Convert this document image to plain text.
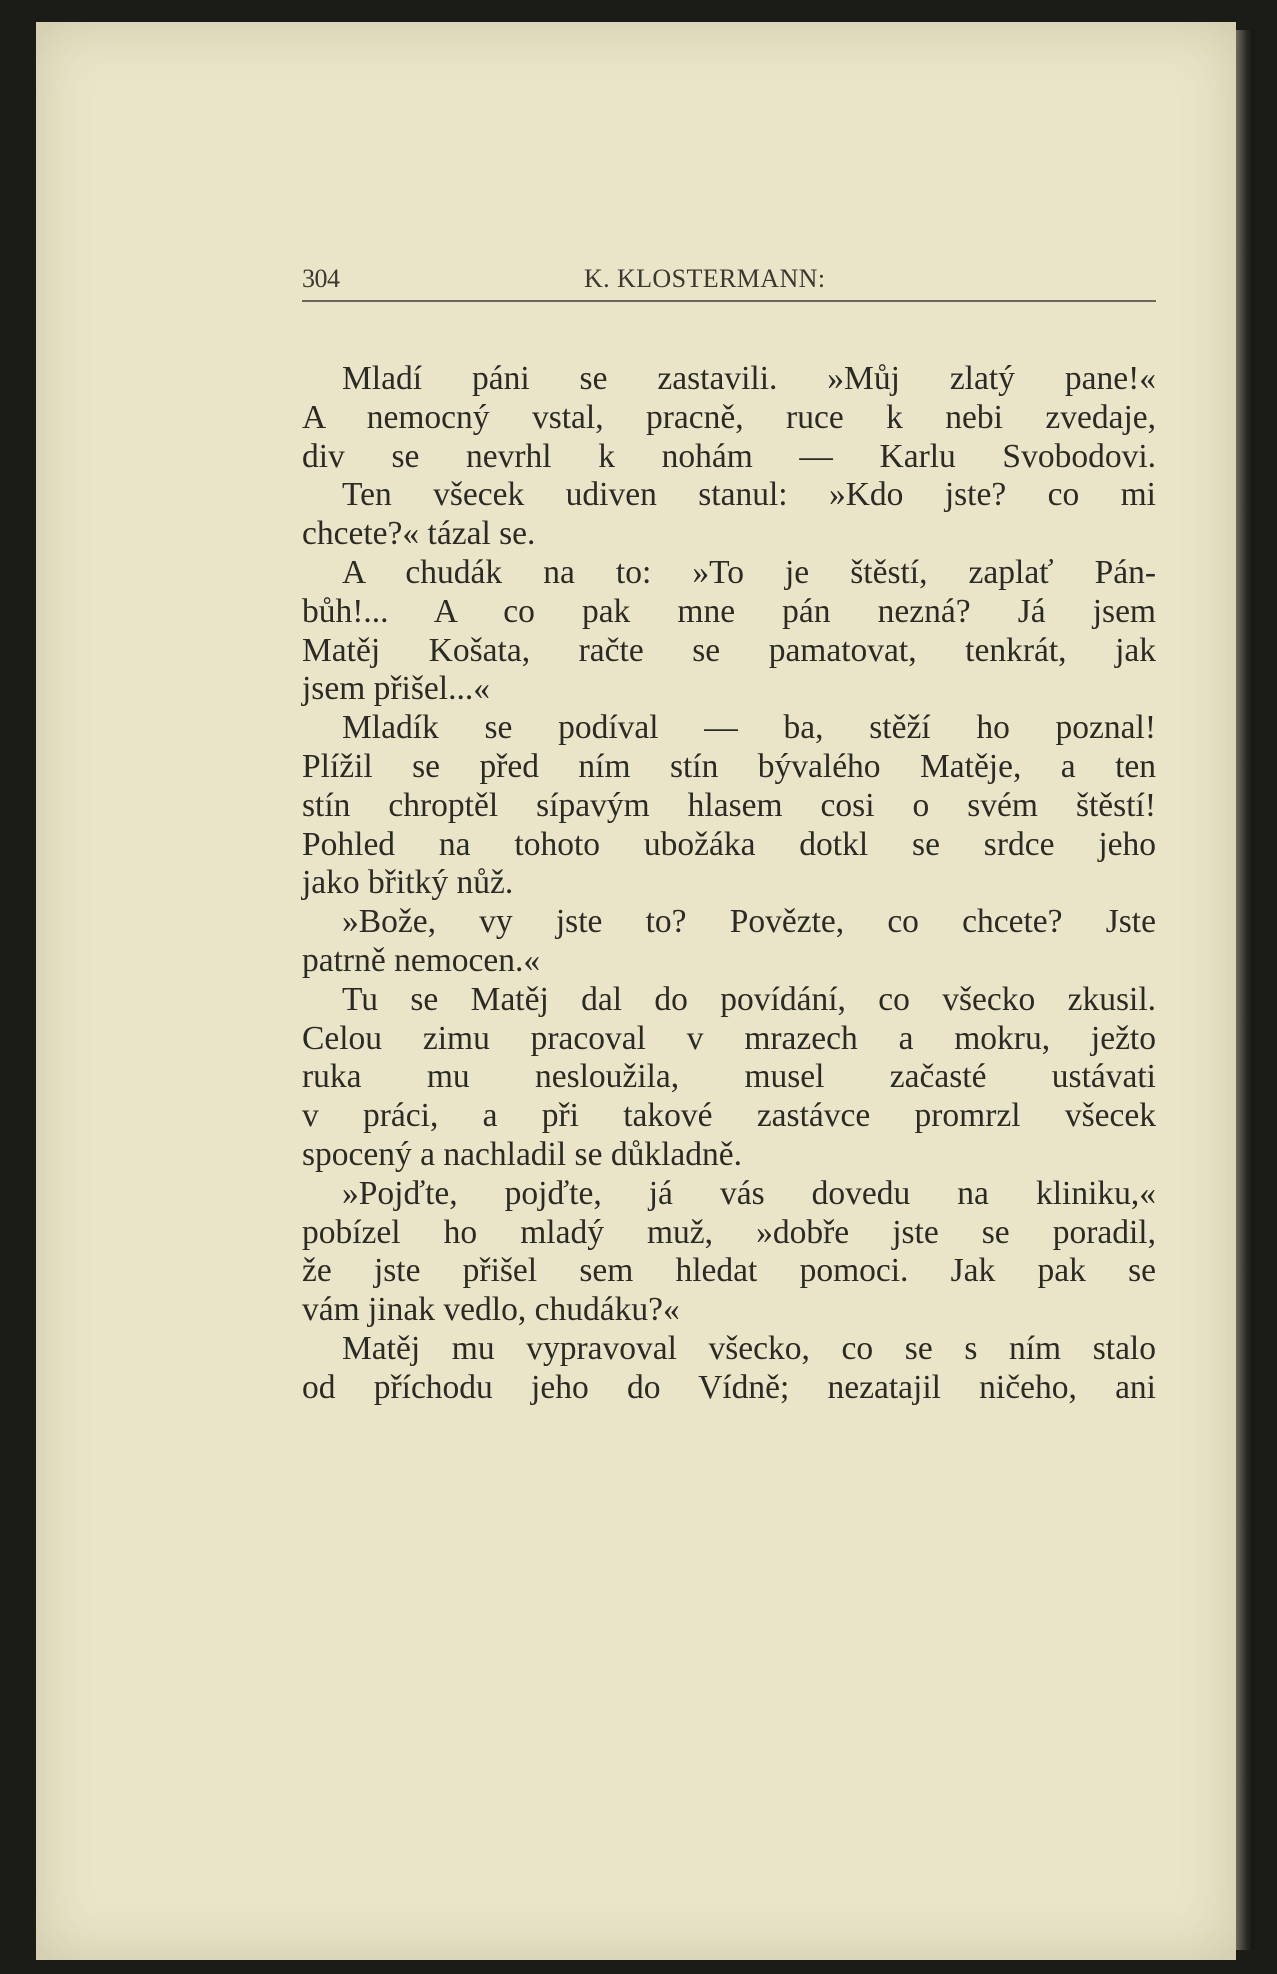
304	K. KLOSTERMANN:
Mladí páni se zastavili. »Můj zlatý pane!«
A nemocný vstal, pracně, ruce k nebi zvedaje,
div se nevrhl k nohám — Karlu Svobodovi.
Ten všecek udiven stanul: »Kdo jste? co mi
chcete?« tázal se.
A chudák na to: »To je štěstí, zaplať Pán-
bůh!... A co pak mne pán nezná? Já jsem
Matěj Košata, račte se pamatovat, tenkrát, jak
jsem přišel...«
Mladík se podíval — ba, stěží ho poznal!
Plížil se před ním stín bývalého Matěje, a ten
stín chroptěl sípavým hlasem cosi o svém štěstí!
Pohled na tohoto ubožáka dotkl se srdce jeho
jako břitký nůž.
»Bože, vy jste to? Povězte, co chcete? Jste
patrně nemocen.«
Tu se Matěj dal do povídání, co všecko zkusil.
Celou zimu pracoval v mrazech a mokru, ježto
ruka mu nesloužila, musel začasté ustávati
v práci, a při takové zastávce promrzl všecek
spocený a nachladil se důkladně.
»Pojďte, pojďte, já vás dovedu na kliniku,«
pobízel ho mladý muž, »dobře jste se poradil,
že jste přišel sem hledat pomoci. Jak pak se
vám jinak vedlo, chudáku?«
Matěj mu vypravoval všecko, co se s ním stalo
od příchodu jeho do Vídně; nezatajil ničeho, ani
